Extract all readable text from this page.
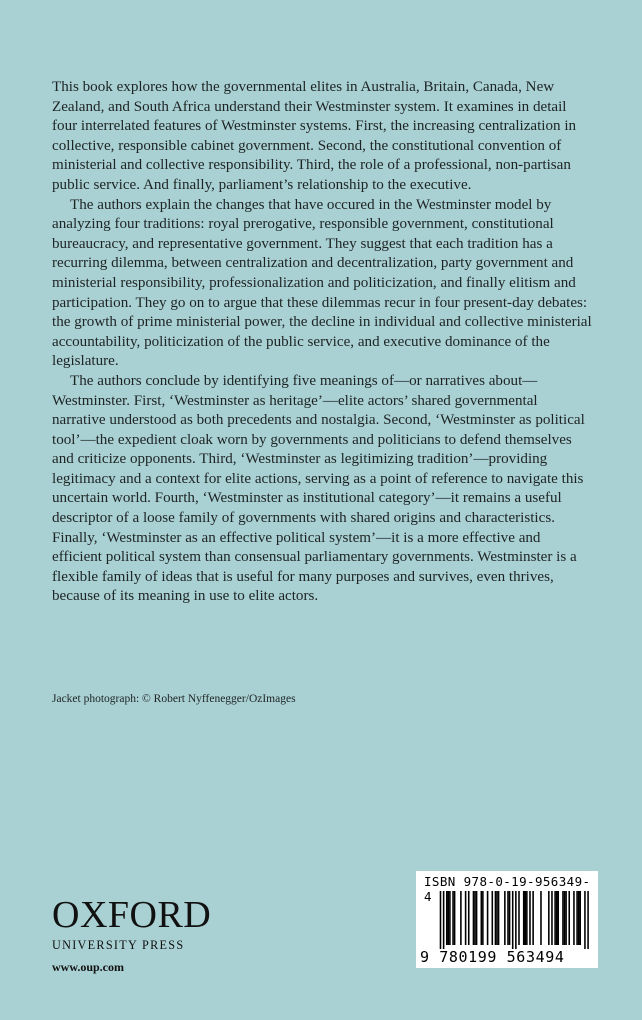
This book explores how the governmental elites in Australia, Britain, Canada, New Zealand, and South Africa understand their Westminster system. It examines in detail four interrelated features of Westminster systems. First, the increasing centralization in collective, responsible cabinet government. Second, the constitutional convention of ministerial and collective responsibility. Third, the role of a professional, non-partisan public service. And finally, parliament’s relationship to the executive.

The authors explain the changes that have occured in the Westminster model by analyzing four traditions: royal prerogative, responsible government, constitutional bureaucracy, and representative government. They suggest that each tradition has a recurring dilemma, between centralization and decentralization, party government and ministerial responsibility, professionalization and politicization, and finally elitism and participation. They go on to argue that these dilemmas recur in four present-day debates: the growth of prime ministerial power, the decline in individual and collective ministerial accountability, politicization of the public service, and executive dominance of the legislature.

The authors conclude by identifying five meanings of—or narratives about—Westminster. First, ‘Westminster as heritage’—elite actors’ shared governmental narrative understood as both precedents and nostalgia. Second, ‘Westminster as political tool’—the expedient cloak worn by governments and politicians to defend themselves and criticize opponents. Third, ‘Westminster as legitimizing tradition’—providing legitimacy and a context for elite actions, serving as a point of reference to navigate this uncertain world. Fourth, ‘Westminster as institutional category’—it remains a useful descriptor of a loose family of governments with shared origins and characteristics. Finally, ‘Westminster as an effective political system’—it is a more effective and efficient political system than consensual parliamentary governments. Westminster is a flexible family of ideas that is useful for many purposes and survives, even thrives, because of its meaning in use to elite actors.

Jacket photograph: © Robert Nyffenegger/OzImages
OXFORD
UNIVERSITY PRESS
www.oup.com
ISBN 978-0-19-956349-4
9 780199 563494
